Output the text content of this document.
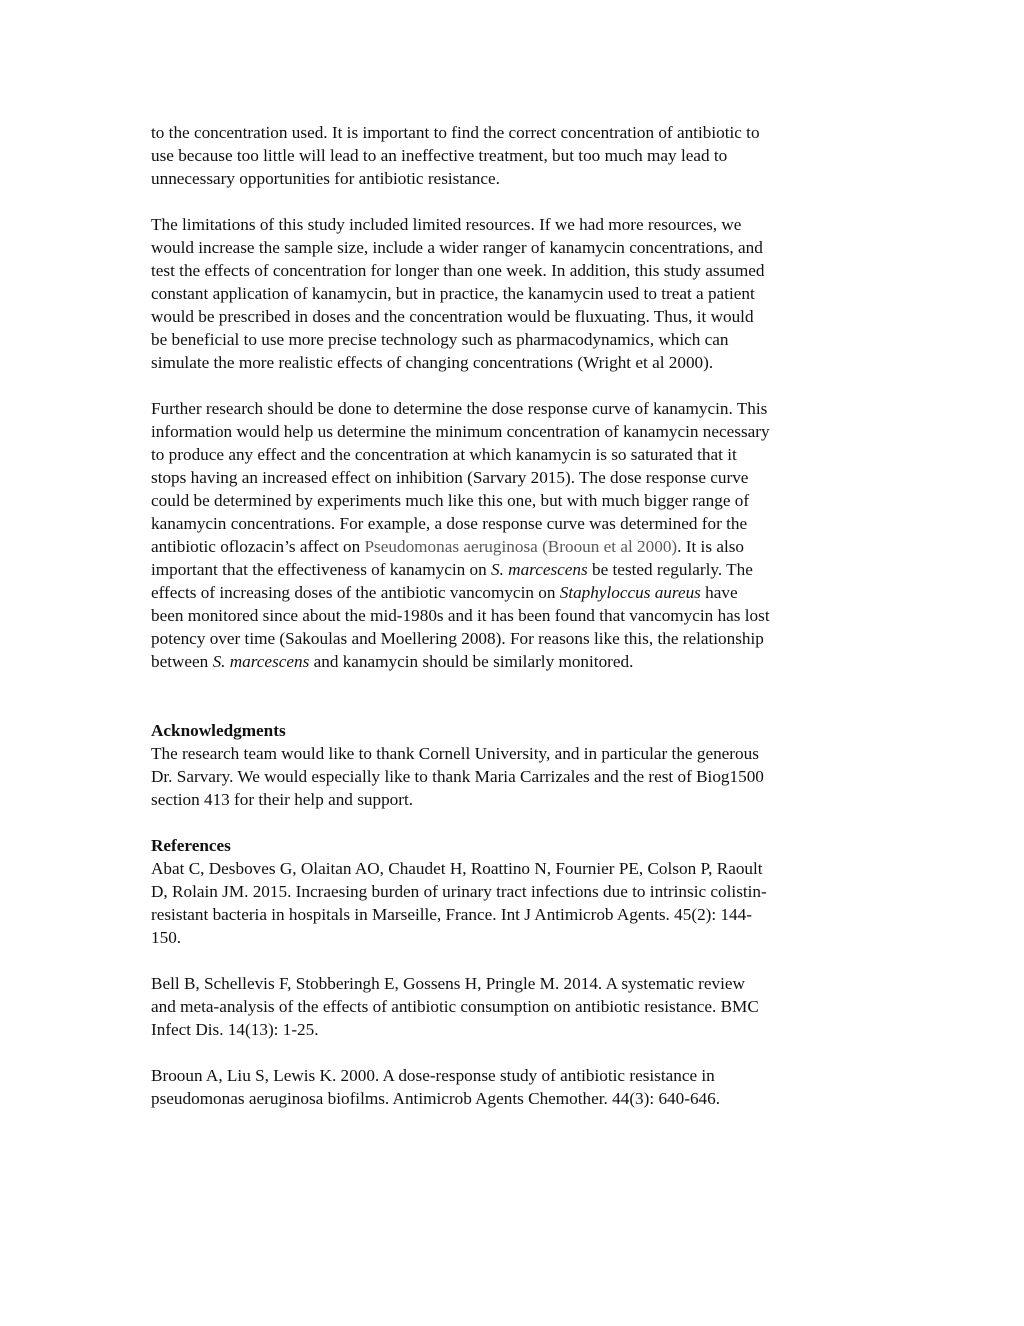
to the concentration used. It is important to find the correct concentration of antibiotic to
use because too little will lead to an ineffective treatment, but too much may lead to
unnecessary opportunities for antibiotic resistance.

The limitations of this study included limited resources. If we had more resources, we
would increase the sample size, include a wider ranger of kanamycin concentrations, and
test the effects of concentration for longer than one week. In addition, this study assumed
constant application of kanamycin, but in practice, the kanamycin used to treat a patient
would be prescribed in doses and the concentration would be fluxuating. Thus, it would
be beneficial to use more precise technology such as pharmacodynamics, which can
simulate the more realistic effects of changing concentrations (Wright et al 2000).

Further research should be done to determine the dose response curve of kanamycin. This
information would help us determine the minimum concentration of kanamycin necessary
to produce any effect and the concentration at which kanamycin is so saturated that it
stops having an increased effect on inhibition (Sarvary 2015). The dose response curve
could be determined by experiments much like this one, but with much bigger range of
kanamycin concentrations. For example, a dose response curve was determined for the
antibiotic oflozacin’s affect on Pseudomonas aeruginosa (Brooun et al 2000). It is also
important that the effectiveness of kanamycin on S. marcescens be tested regularly. The
effects of increasing doses of the antibiotic vancomycin on Staphyloccus aureus have
been monitored since about the mid-1980s and it has been found that vancomycin has lost
potency over time (Sakoulas and Moellering 2008). For reasons like this, the relationship
between S. marcescens and kanamycin should be similarly monitored.

Acknowledgments
The research team would like to thank Cornell University, and in particular the generous
Dr. Sarvary. We would especially like to thank Maria Carrizales and the rest of Biog1500
section 413 for their help and support.
References

Abat C, Desboves G, Olaitan AO, Chaudet H, Roattino N, Fournier PE, Colson P, Raoult
D, Rolain JM. 2015. Incraesing burden of urinary tract infections due to intrinsic colistin-
resistant bacteria in hospitals in Marseille, France. Int J Antimicrob Agents. 45(2): 144-
150.

Bell B, Schellevis F, Stobberingh E, Gossens H, Pringle M. 2014. A systematic review
and meta-analysis of the effects of antibiotic consumption on antibiotic resistance. BMC
Infect Dis. 14(13): 1-25.

Brooun A, Liu S, Lewis K. 2000. A dose-response study of antibiotic resistance in
pseudomonas aeruginosa biofilms. Antimicrob Agents Chemother. 44(3): 640-646.
